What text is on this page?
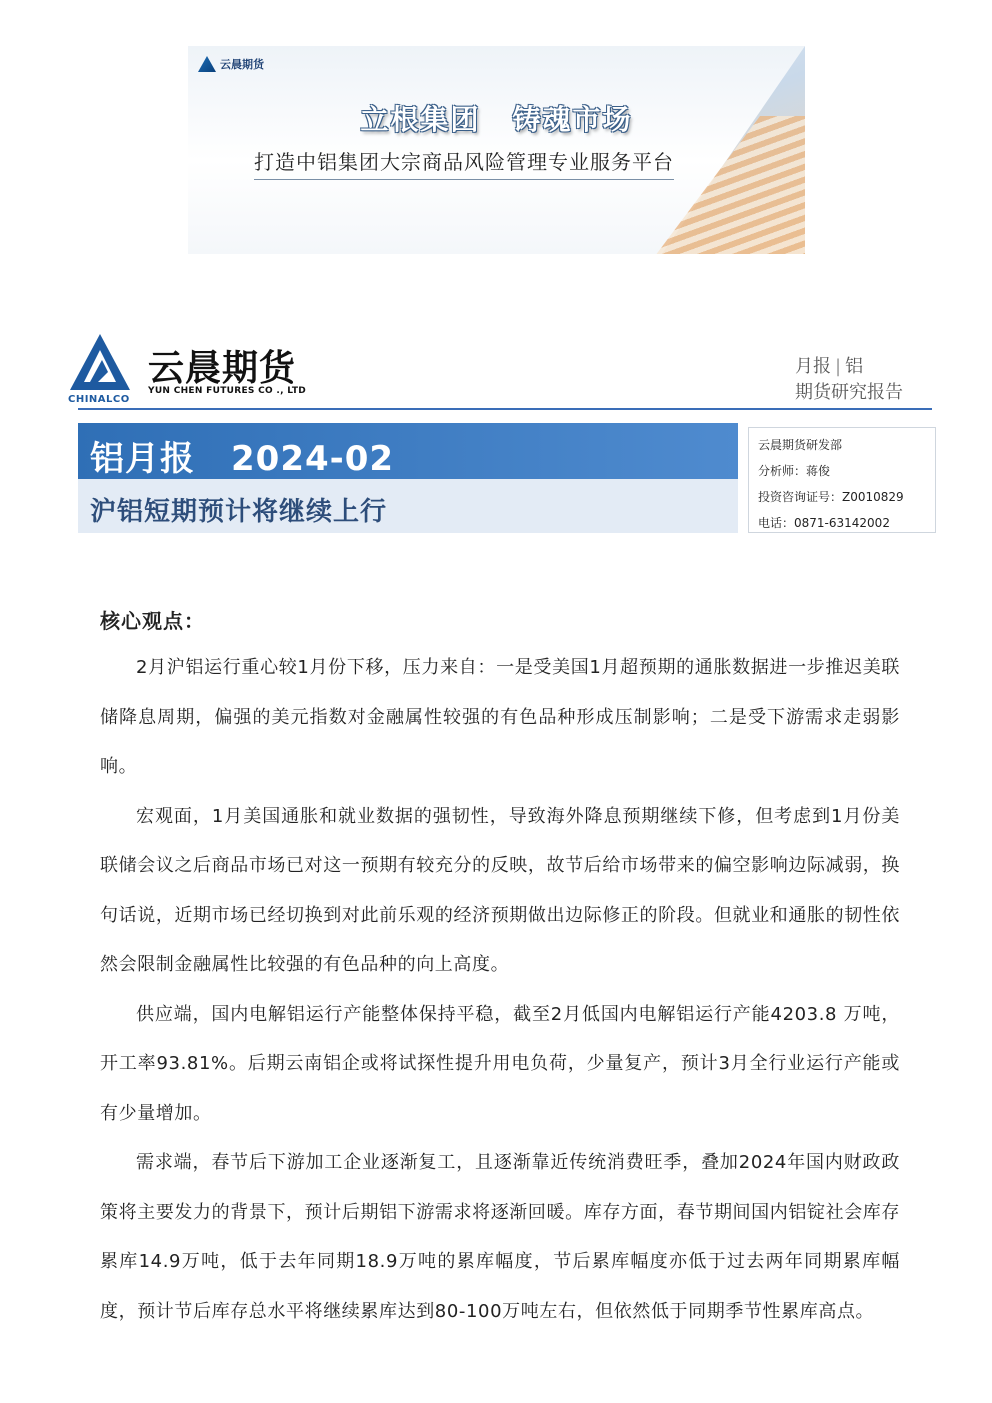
云晨期货
立根集团 铸魂市场
打造中铝集团大宗商品风险管理专业服务平台
CHINALCO
云晨期货
YUN CHEN FUTURES CO ., LTD
月报 | 铝
期货研究报告
铝月报 2024-02
沪铝短期预计将继续上行
云晨期货研发部
分析师：蒋俊
投资咨询证号：Z0010829
电话：0871-63142002
核心观点：

2月沪铝运行重心较1月份下移，压力来自：一是受美国1月超预期的通胀数据进一步推迟美联储降息周期，偏强的美元指数对金融属性较强的有色品种形成压制影响；二是受下游需求走弱影响。

宏观面，1月美国通胀和就业数据的强韧性，导致海外降息预期继续下修，但考虑到1月份美联储会议之后商品市场已对这一预期有较充分的反映，故节后给市场带来的偏空影响边际减弱，换句话说，近期市场已经切换到对此前乐观的经济预期做出边际修正的阶段。但就业和通胀的韧性依然会限制金融属性比较强的有色品种的向上高度。

供应端，国内电解铝运行产能整体保持平稳，截至2月低国内电解铝运行产能4203.8 万吨，开工率93.81%。后期云南铝企或将试探性提升用电负荷，少量复产，预计3月全行业运行产能或有少量增加。

需求端，春节后下游加工企业逐渐复工，且逐渐靠近传统消费旺季，叠加2024年国内财政政策将主要发力的背景下，预计后期铝下游需求将逐渐回暖。库存方面，春节期间国内铝锭社会库存累库14.9万吨，低于去年同期18.9万吨的累库幅度，节后累库幅度亦低于过去两年同期累库幅度，预计节后库存总水平将继续累库达到80-100万吨左右，但依然低于同期季节性累库高点。
